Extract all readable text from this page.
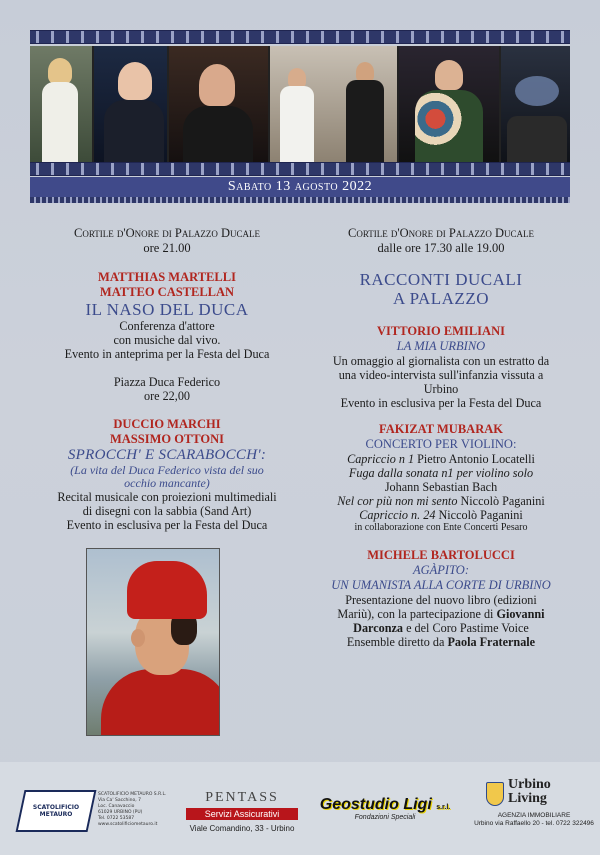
Sabato 13 agosto 2022
Cortile d'Onore di Palazzo Ducale
ore 21.00
MATTHIAS MARTELLI
MATTEO CASTELLAN
IL NASO DEL DUCA
Conferenza d'attore
con musiche dal vivo.
Evento in anteprima per la Festa del Duca
Piazza Duca Federico
ore 22,00
DUCCIO MARCHI
MASSIMO OTTONI
SPROCCH' E SCARABOCCH':
(La vita del Duca Federico vista del suo
occhio mancante)
Recital musicale con proiezioni multimediali
di disegni con la sabbia (Sand Art)
Evento in esclusiva per la Festa del Duca
Cortile d'Onore di Palazzo Ducale
dalle ore 17.30 alle 19.00
RACCONTI DUCALI
A PALAZZO
VITTORIO EMILIANI
LA MIA URBINO
Un omaggio al giornalista con un estratto da
una video-intervista sull'infanzia vissuta a
Urbino
Evento in esclusiva per la Festa del Duca
FAKIZAT MUBARAK
CONCERTO PER VIOLINO:
Capriccio n 1 Pietro Antonio Locatelli
Fuga dalla sonata n1 per violino solo
Johann Sebastian Bach
Nel cor più non mi sento Niccolò Paganini
Capriccio n. 24 Niccolò Paganini
in collaborazione con Ente Concerti Pesaro
MICHELE BARTOLUCCI
AGÀPITO:
UN UMANISTA ALLA CORTE DI URBINO
Presentazione del nuovo libro (edizioni
Mariù), con la partecipazione di Giovanni
Darconza e del Coro Pastime Voice
Ensemble diretto da Paola Fraternale
SCATOLIFICIO METAURO
SCATOLIFICIO METAURO S.R.L.
Via Ca' Sacchino, 7
Loc. Canavaccio
61029 URBINO (PU)
Tel. 0722 53587
www.scatolificiometauro.it
PENTASS
Servizi Assicurativi
Viale Comandino, 33 - Urbino
Geostudio Ligi s.r.l.
Fondazioni Speciali
Urbino
Living
AGENZIA IMMOBILIARE
Urbino via Raffaello 20 - tel. 0722 322496
